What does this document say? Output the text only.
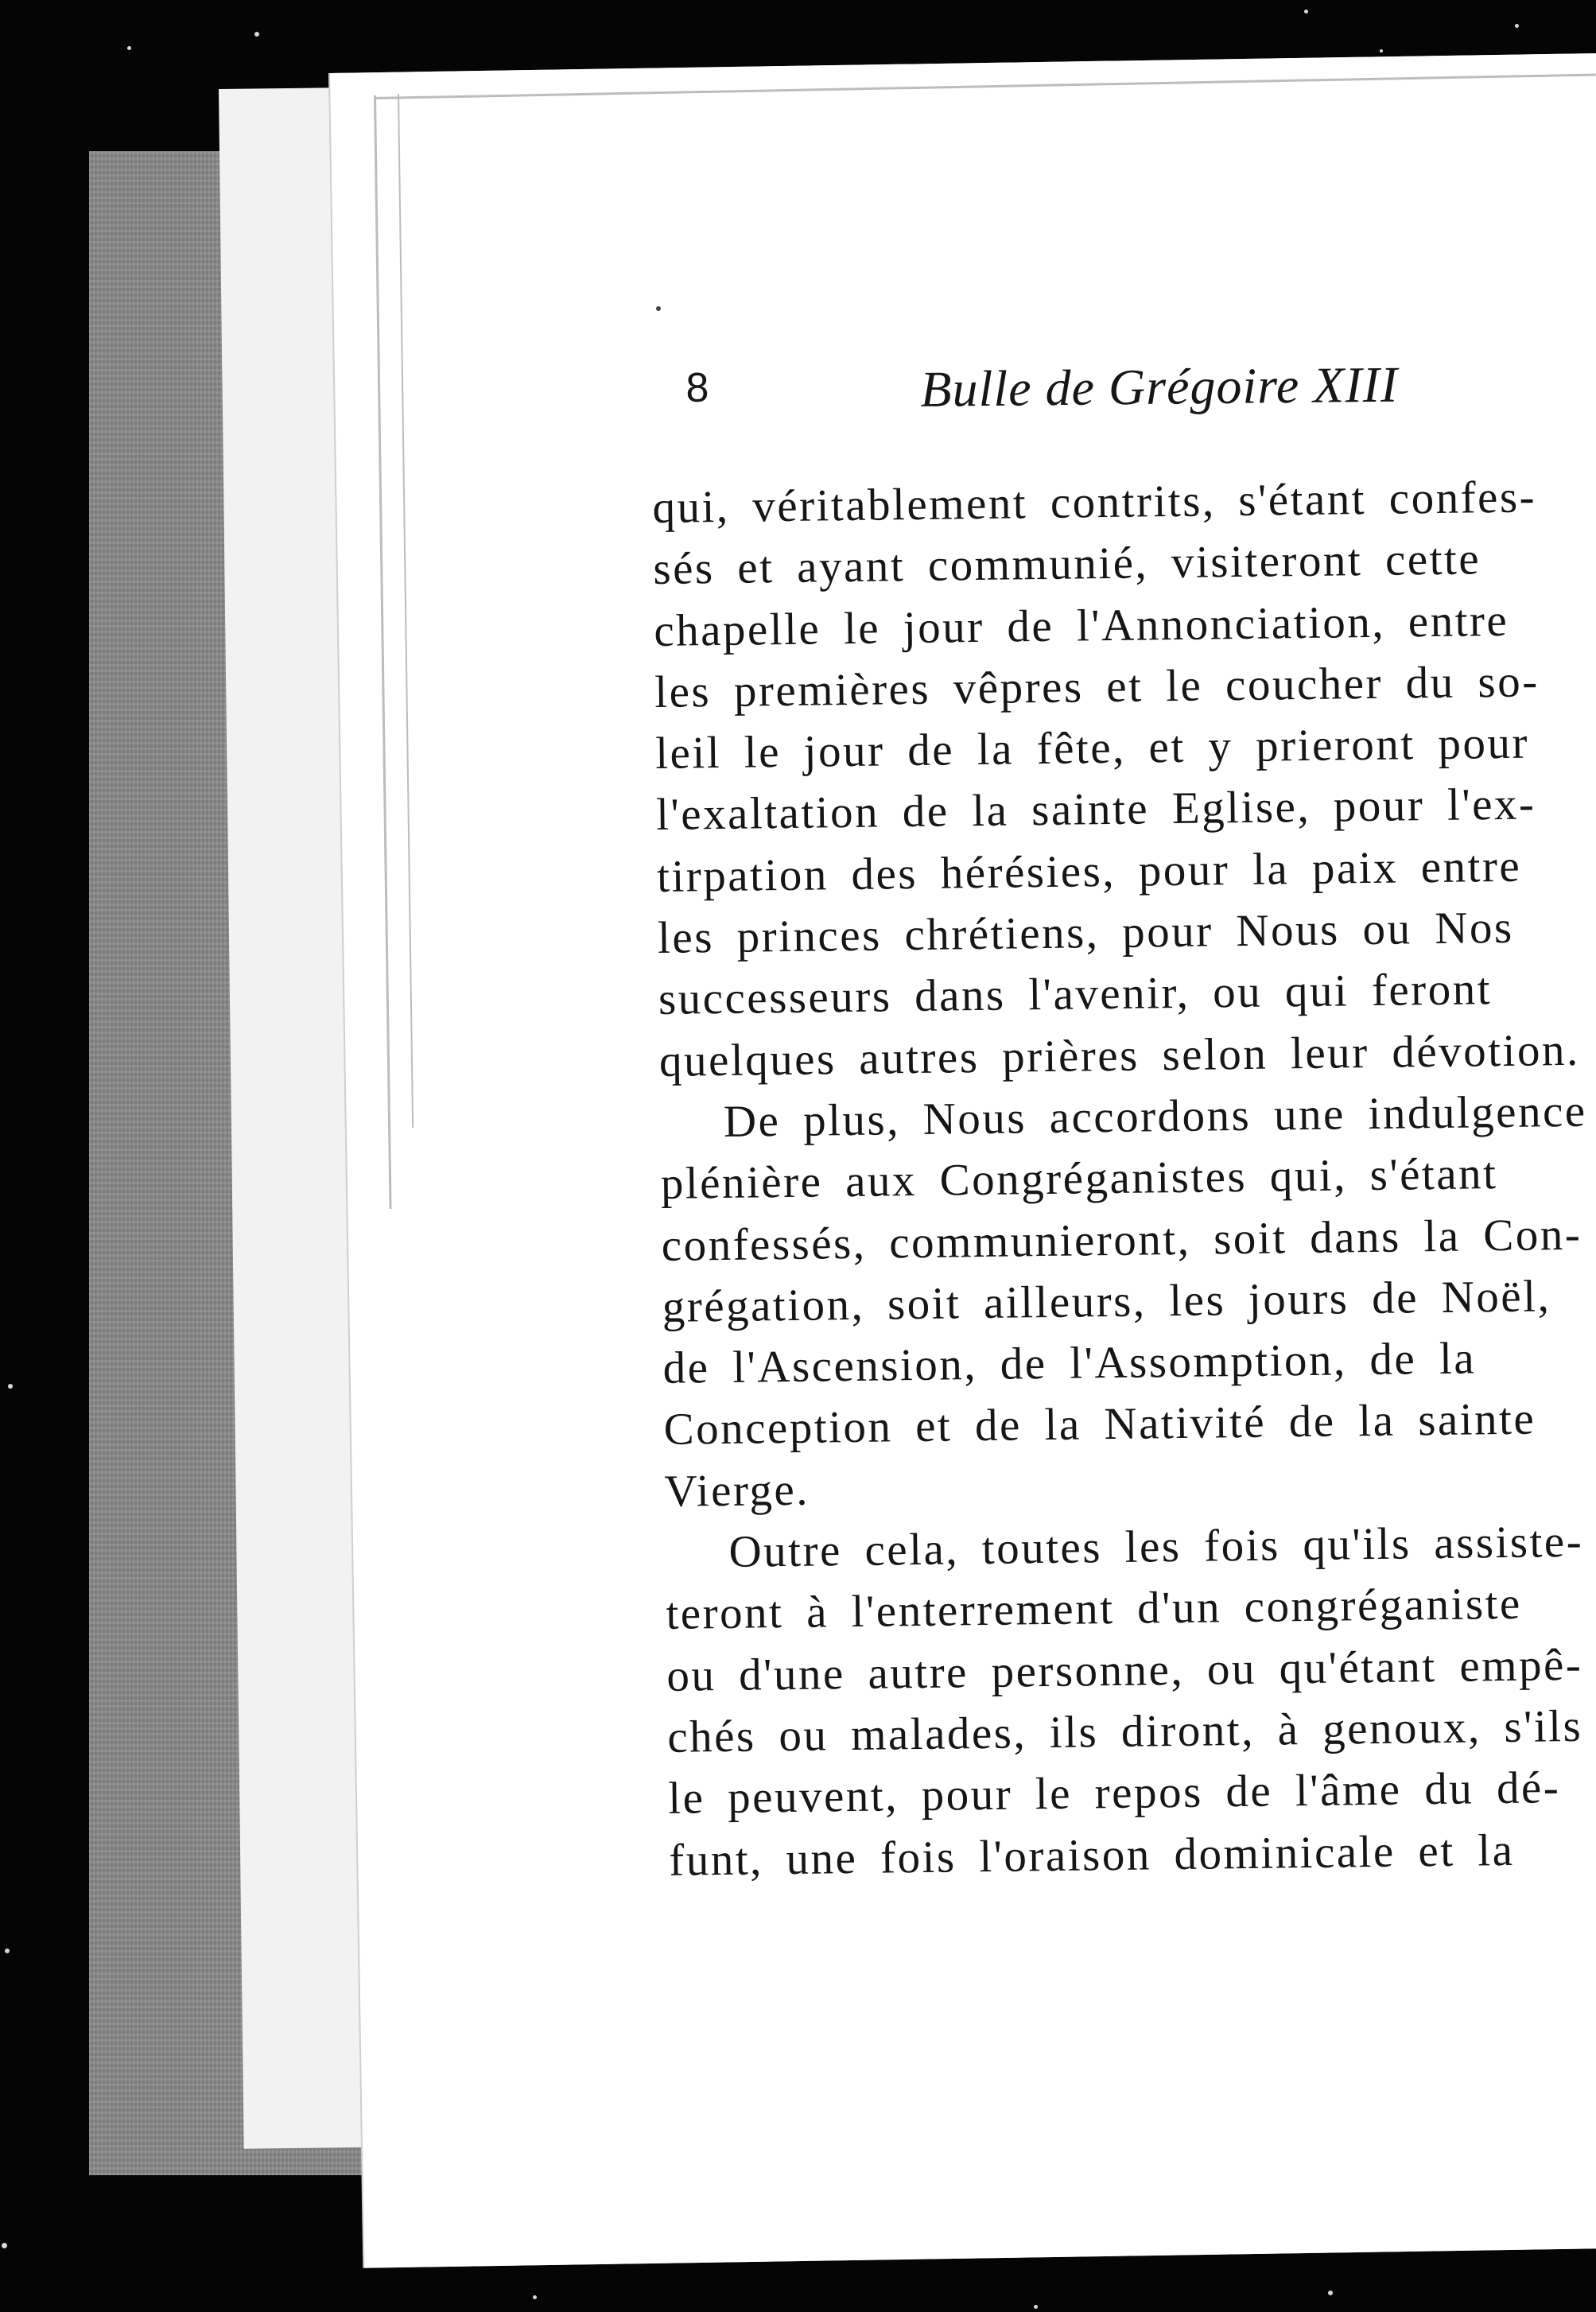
8	Bulle de Grégoire XIII
qui, véritablement contrits, s'étant confes-
sés et ayant communié, visiteront cette
chapelle le jour de l'Annonciation, entre
les premières vêpres et le coucher du so-
leil le jour de la fête, et y prieront pour
l'exaltation de la sainte Eglise, pour l'ex-
tirpation des hérésies, pour la paix entre
les princes chrétiens, pour Nous ou Nos
successeurs dans l'avenir, ou qui feront
quelques autres prières selon leur dévotion.
De plus, Nous accordons une indulgence
plénière aux Congréganistes qui, s'étant
confessés, communieront, soit dans la Con-
grégation, soit ailleurs, les jours de Noël,
de l'Ascension, de l'Assomption, de la
Conception et de la Nativité de la sainte
Vierge.
Outre cela, toutes les fois qu'ils assiste-
teront à l'enterrement d'un congréganiste
ou d'une autre personne, ou qu'étant empê-
chés ou malades, ils diront, à genoux, s'ils
le peuvent, pour le repos de l'âme du dé-
funt, une fois l'oraison dominicale et la
